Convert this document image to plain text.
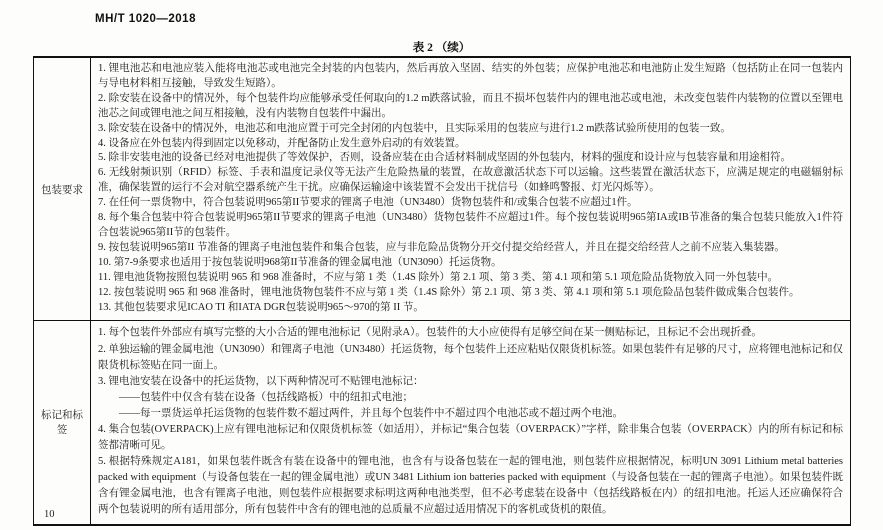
MH/T 1020—2018
表 2 （续）
包装要求	
1. 锂电池芯和电池应装入能将电池芯或电池完全封装的内包装内，然后再放入坚固、结实的外包装；应保护电池芯和电池防止发生短路（包括防止在同一包装内与导电材料相互接触，导致发生短路）。
2. 除安装在设备中的情况外，每个包装件均应能够承受任何取向的1.2 m跌落试验，而且不损坏包装件内的锂电池芯或电池，未改变包装件内装物的位置以至锂电池芯之间或锂电池之间互相接触，没有内装物自包装件中漏出。
3. 除安装在设备中的情况外，电池芯和电池应置于可完全封闭的内包装中，且实际采用的包装应与进行1.2 m跌落试验所使用的包装一致。
4. 设备应在外包装内得到固定以免移动，并配备防止发生意外启动的有效装置。
5. 除非安装电池的设备已经对电池提供了等效保护，否则，设备应装在由合适材料制成坚固的外包装内，材料的强度和设计应与包装容量和用途相符。
6. 无线射频识别（RFID）标签、手表和温度记录仪等无法产生危险热量的装置，在故意激活状态下可以运输。这些装置在激活状态下，应满足规定的电磁辐射标准，确保装置的运行不会对航空器系统产生干扰。应确保运输途中该装置不会发出干扰信号（如蜂鸣警报、灯光闪烁等）。
7. 在任何一票货物中，符合包装说明965第II节要求的锂离子电池（UN3480）货物包装件和/或集合包装不应超过1件。
8. 每个集合包装中符合包装说明965第II节要求的锂离子电池（UN3480）货物包装件不应超过1件。每个按包装说明965第IA或IB节准备的集合包装只能放入1件符合包装说965第II节的包装件。
9. 按包装说明965第II 节准备的锂离子电池包装件和集合包装，应与非危险品货物分开交付提交给经营人，并且在提交给经营人之前不应装入集装器。
10. 第7-9条要求也适用于按包装说明968第II节准备的锂金属电池（UN3090）托运货物。
11. 锂电池货物按照包装说明 965 和 968 准备时，不应与第 1 类（1.4S 除外）第 2.1 项、第 3 类、第 4.1 项和第 5.1 项危险品货物放入同一外包装中。
12. 按包装说明 965 和 968 准备时，锂电池货物包装件不应与第 1 类（1.4S 除外）第 2.1 项、第 3 类、第 4.1 项和第 5.1 项危险品包装件做成集合包装件。
13. 其他包装要求见ICAO TI 和IATA DGR包装说明965～970的第 II 节。

标记和标签	
1. 每个包装件外部应有填写完整的大小合适的锂电池标记（见附录A）。包装件的大小应使得有足够空间在某一侧贴标记，且标记不会出现折叠。
2. 单独运输的锂金属电池（UN3090）和锂离子电池（UN3480）托运货物，每个包装件上还应粘贴仅限货机标签。如果包装件有足够的尺寸，应将锂电池标记和仅限货机标签贴在同一面上。
3. 锂电池安装在设备中的托运货物，以下两种情况可不贴锂电池标记：
——包装件中仅含有装在设备（包括线路板）中的纽扣式电池；
——每一票货运单托运货物的包装件数不超过两件，并且每个包装件中不超过四个电池芯或不超过两个电池。
4. 集合包装(OVERPACK)上应有锂电池标记和仅限货机标签（如适用），并标记“集合包装（OVERPACK）”字样，除非集合包装（OVERPACK）内的所有标记和标签都清晰可见。
5. 根据特殊规定A181，如果包装件既含有装在设备中的锂电池，也含有与设备包装在一起的锂电池，则包装件应根据情况，标明UN 3091 Lithium metal batteries packed with equipment（与设备包装在一起的锂金属电池）或UN 3481 Lithium ion batteries packed with equipment（与设备包装在一起的锂离子电池）。如果包装件既含有锂金属电池，也含有锂离子电池，则包装件应根据要求标明这两种电池类型，但不必考虑装在设备中（包括线路板在内）的纽扣电池。托运人还应确保符合两个包装说明的所有适用部分，所有包装件中含有的锂电池的总质量不应超过适用情况下的客机或货机的限值。
10
